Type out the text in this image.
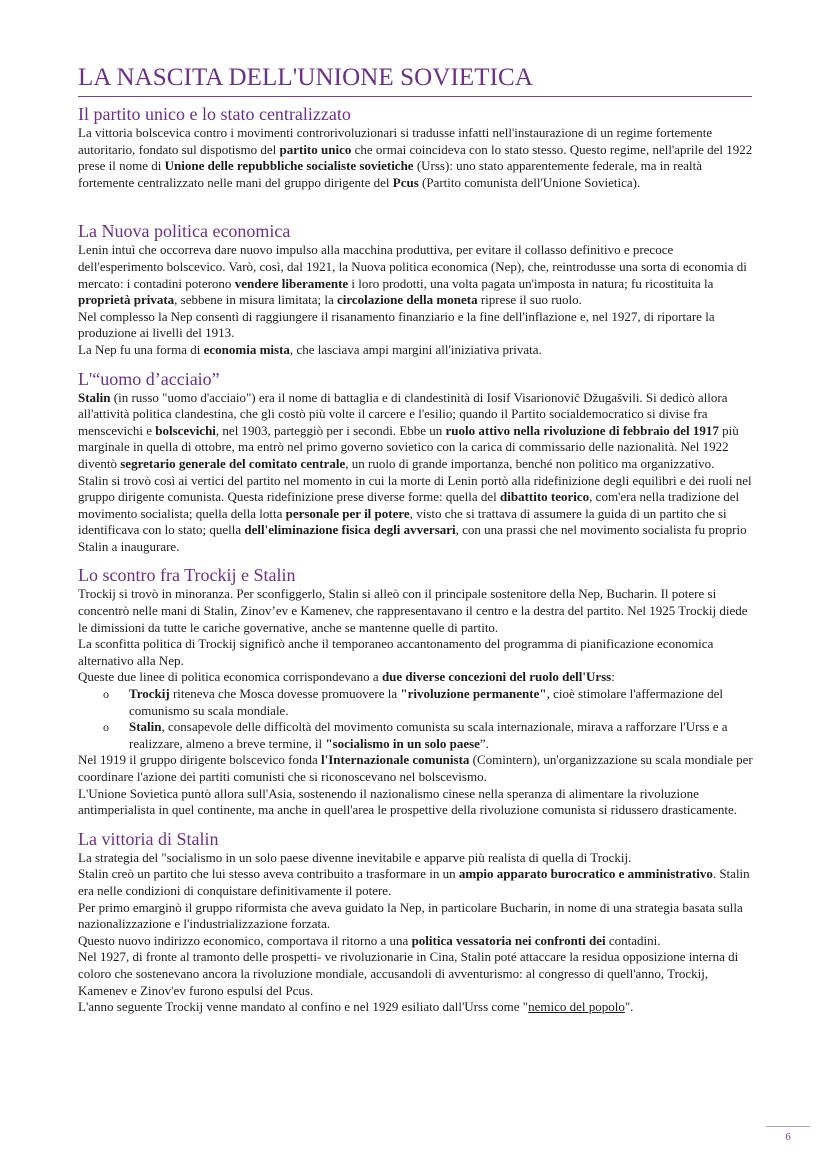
LA NASCITA DELL'UNIONE SOVIETICA
Il partito unico e lo stato centralizzato

La vittoria bolscevica contro i movimenti controrivoluzionari si tradusse infatti nell'instaurazione di un regime fortemente autoritario, fondato sul dispotismo del partito unico che ormai coincideva con lo stato stesso. Questo regime, nell'aprile del 1922 prese il nome di Unione delle repubbliche socialiste sovietiche (Urss): uno stato apparentemente federale, ma in realtà fortemente centralizzato nelle mani del gruppo dirigente del Pcus (Partito comunista dell'Unione Sovietica).

La Nuova politica economica

Lenin intuì che occorreva dare nuovo impulso alla macchina produttiva, per evitare il collasso definitivo e precoce dell'esperimento bolscevico. Varò, così, dal 1921, la Nuova politica economica (Nep), che, reintrodusse una sorta di economia di mercato: i contadini poterono vendere liberamente i loro prodotti, una volta pagata un'imposta in natura; fu ricostituita la proprietà privata, sebbene in misura limitata; la circolazione della moneta riprese il suo ruolo.

Nel complesso la Nep consentì di raggiungere il risanamento finanziario e la fine dell'inflazione e, nel 1927, di riportare la produzione ai livelli del 1913.

La Nep fu una forma di economia mista, che lasciava ampi margini all'iniziativa privata.

L'“uomo d’acciaio”

Stalin (in russo "uomo d'acciaio") era il nome di battaglia e di clandestinità di Iosif Visarionovič Džugašvili. Si dedicò allora all'attività politica clandestina, che gli costò più volte il carcere e l'esilio; quando il Partito socialdemocratico si divise fra menscevichi e bolscevichi, nel 1903, parteggiò per i secondi. Ebbe un ruolo attivo nella rivoluzione di febbraio del 1917 più marginale in quella di ottobre, ma entrò nel primo governo sovietico con la carica di commissario delle nazionalità. Nel 1922 diventò segretario generale del comitato centrale, un ruolo di grande importanza, benché non politico ma organizzativo.

Stalin si trovò così ai vertici del partito nel momento in cui la morte di Lenin portò alla ridefinizione degli equilibri e dei ruoli nel gruppo dirigente comunista. Questa ridefinizione prese diverse forme: quella del dibattito teorico, com'era nella tradizione del movimento socialista; quella della lotta personale per il potere, visto che si trattava di assumere la guida di un partito che si identificava con lo stato; quella dell'eliminazione fisica degli avversari, con una prassi che nel movimento socialista fu proprio Stalin a inaugurare.

Lo scontro fra Trockij e Stalin

Trockij si trovò in minoranza. Per sconfiggerlo, Stalin si alleò con il principale sostenitore della Nep, Bucharin. Il potere si concentrò nelle mani di Stalin, Zinov’ev e Kamenev, che rappresentavano il centro e la destra del partito. Nel 1925 Trockij diede le dimissioni da tutte le cariche governative, anche se mantenne quelle di partito.

La sconfitta politica di Trockij significò anche il temporaneo accantonamento del programma di pianificazione economica alternativo alla Nep.

Queste due linee di politica economica corrispondevano a due diverse concezioni del ruolo dell'Urss:

o Trockij riteneva che Mosca dovesse promuovere la "rivoluzione permanente", cioè stimolare l'affermazione del comunismo su scala mondiale.
o Stalin, consapevole delle difficoltà del movimento comunista su scala internazionale, mirava a rafforzare l'Urss e a realizzare, almeno a breve termine, il "socialismo in un solo paese”.

Nel 1919 il gruppo dirigente bolscevico fonda l'Internazionale comunista (Comintern), un'organizzazione su scala mondiale per coordinare l'azione dei partiti comunisti che si riconoscevano nel bolscevismo.

L'Unione Sovietica puntò allora sull'Asia, sostenendo il nazionalismo cinese nella speranza di alimentare la rivoluzione antimperialista in quel continente, ma anche in quell'area le prospettive della rivoluzione comunista si ridussero drasticamente.

La vittoria di Stalin

La strategia del "socialismo in un solo paese divenne inevitabile e apparve più realista di quella di Trockij.

Stalin creò un partito che lui stesso aveva contribuito a trasformare in un ampio apparato burocratico e amministrativo. Stalin era nelle condizioni di conquistare definitivamente il potere.

Per primo emarginò il gruppo riformista che aveva guidato la Nep, in particolare Bucharin, in nome di una strategia basata sulla nazionalizzazione e l'industrializzazione forzata.

Questo nuovo indirizzo economico, comportava il ritorno a una politica vessatoria nei confronti dei contadini.

Nel 1927, di fronte al tramonto delle prospetti- ve rivoluzionarie in Cina, Stalin poté attaccare la residua opposizione interna di coloro che sostenevano ancora la rivoluzione mondiale, accusandoli di avventurismo: al congresso di quell'anno, Trockij, Kamenev e Zinov'ev furono espulsi del Pcus.

L'anno seguente Trockij venne mandato al confino e nel 1929 esiliato dall'Urss come "nemico del popolo".

6
